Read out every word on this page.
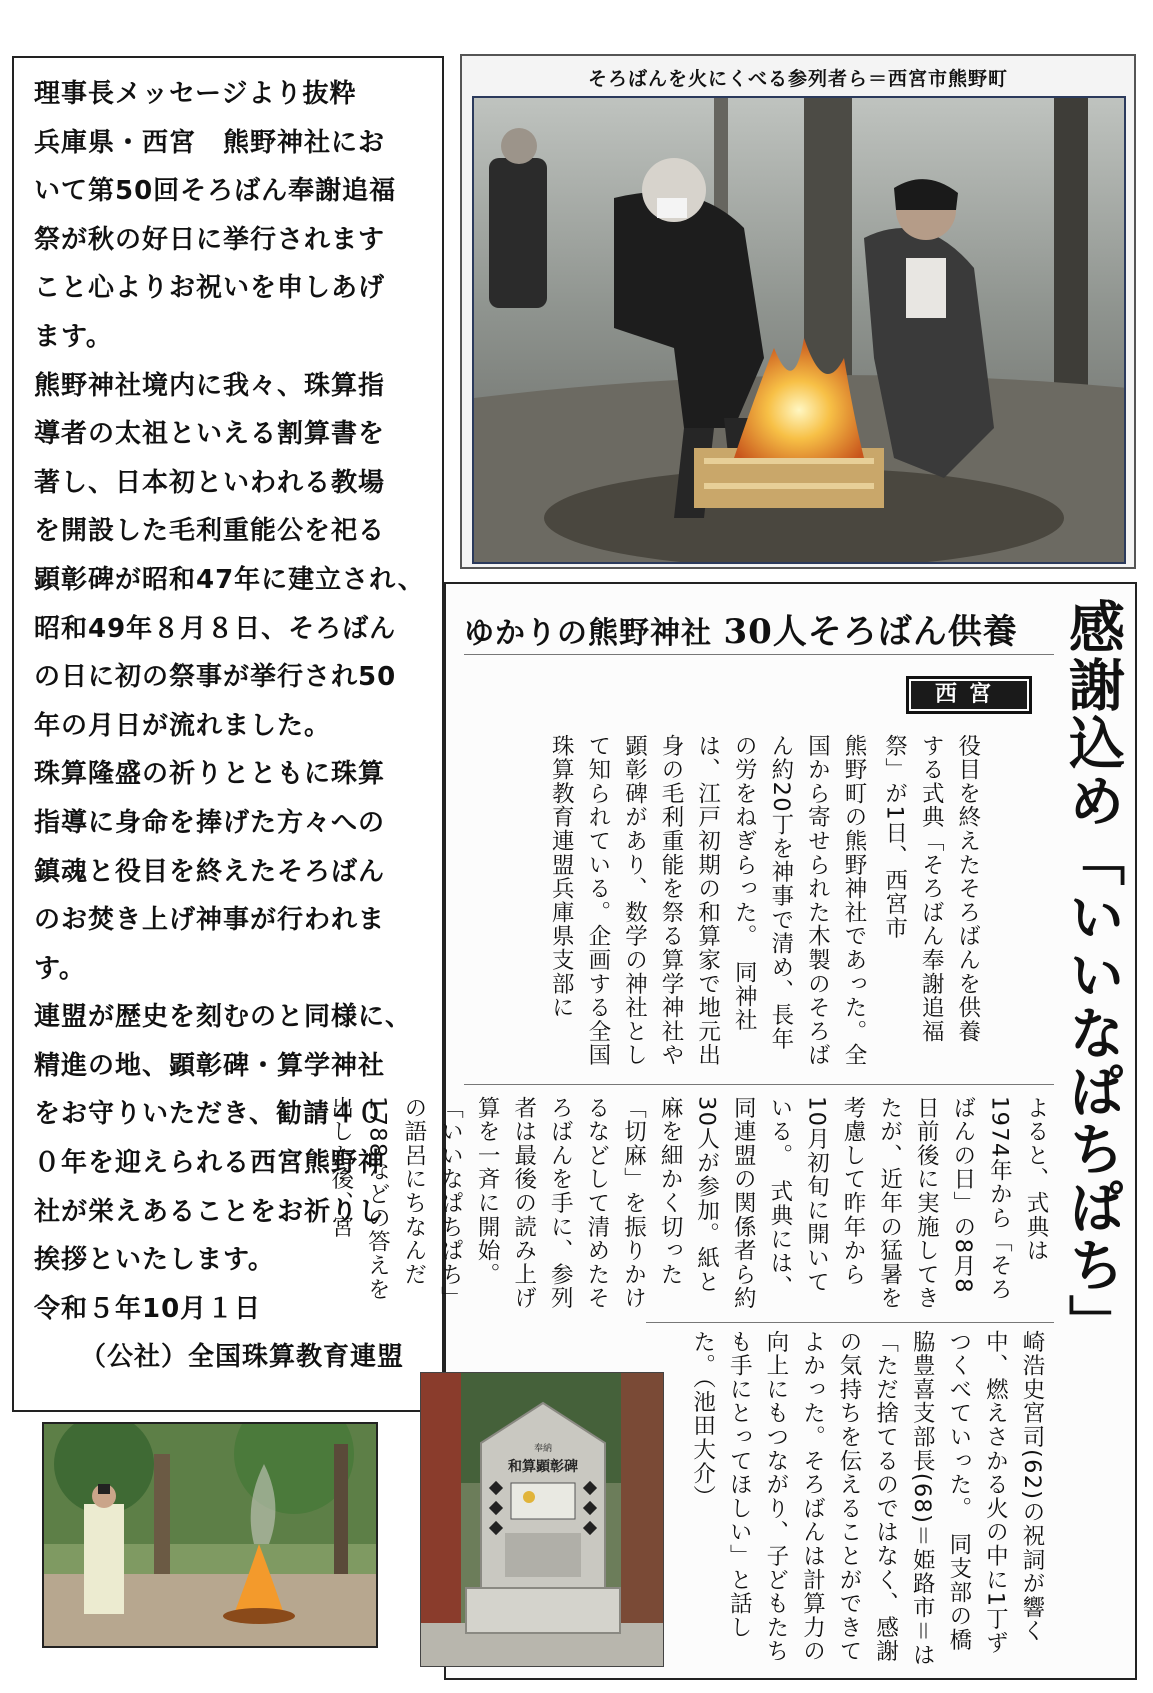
理事長メッセージより抜粋

兵庫県・西宮　熊野神社にお

いて第50回そろばん奉謝追福

祭が秋の好日に挙行されます

こと心よりお祝いを申しあげ

ます。

熊野神社境内に我々、珠算指

導者の太祖といえる割算書を

著し、日本初といわれる教場

を開設した毛利重能公を祀る

顕彰碑が昭和47年に建立され、

昭和49年８月８日、そろばん

の日に初の祭事が挙行され50

年の月日が流れました。

珠算隆盛の祈りとともに珠算

指導に身命を捧げた方々への

鎮魂と役目を終えたそろばん

のお焚き上げ神事が行われま

す。

連盟が歴史を刻むのと同様に、

精進の地、顕彰碑・算学神社

をお守りいただき、勧請４０

０年を迎えられる西宮熊野神

社が栄えあることをお祈りし

挨拶といたします。

令和５年10月１日

（公社）全国珠算教育連盟

そろばんを火にくべる参列者ら＝西宮市熊野町
感謝込め「いいなぱちぱち」
ゆかりの熊野神社 30人そろばん供養
西宮
役目を終えたそろばんを供養する式典「そろばん奉謝追福祭」が1日、西宮市
熊野町の熊野神社であった。全国から寄せられた木製のそろばん約20丁を神事で清め、長年の労をねぎらった。　同神社は、江戸初期の和算家で地元出身の毛利重能を祭る算学神社や顕彰碑があり、数学の神社として知られている。企画する全国珠算教育連盟兵庫県支部に
よると、式典は1974年から「そろばんの日」の8月8日前後に実施してきたが、近年の猛暑を考慮して昨年から10月初旬に開いている。　式典には、同連盟の関係者ら約30人が参加。紙と麻を細かく切った「切麻」を振りかけるなどして清めたそろばんを手に、参列者は最後の読み上げ算を一斉に開始。「いいなぱちぱち」の語呂にちなんだ1788などの答えを出した後、宮
崎浩史宮司(62)の祝詞が響く中、燃えさかる火の中に1丁ずつくべていった。　同支部の橋脇豊喜支部長(68)＝姫路市＝は「ただ捨てるのではなく、感謝の気持ちを伝えることができてよかった。そろばんは計算力の向上にもつながり、子どもたちも手にとってほしい」と話した。（池田大介）
奉納
和算顕彰碑
